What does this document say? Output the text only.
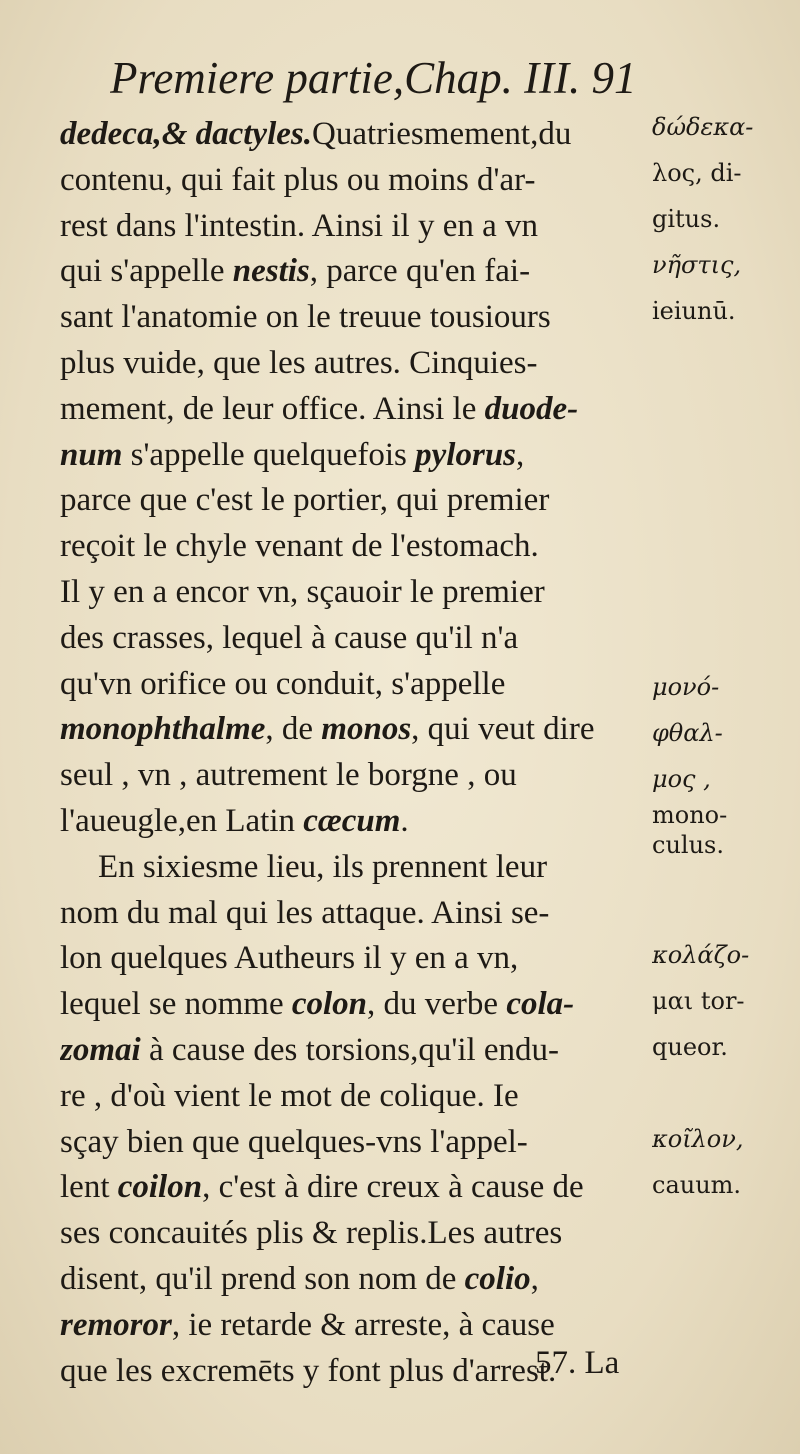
Premiere partie,Chap. III. 91
dedeca,& dactyles.Quatriesmement,du
contenu, qui fait plus ou moins d'ar-
rest dans l'intestin. Ainsi il y en a vn
qui s'appelle nestis, parce qu'en fai-
sant l'anatomie on le treuue tousiours
plus vuide, que les autres. Cinquies-
mement, de leur office. Ainsi le duode-
num s'appelle quelquefois pylorus,
parce que c'est le portier, qui premier
reçoit le chyle venant de l'estomach.
Il y en a encor vn, sçauoir le premier
des crasses, lequel à cause qu'il n'a
qu'vn orifice ou conduit, s'appelle
monophthalme, de monos, qui veut dire
seul , vn , autrement le borgne , ou
l'aueugle,en Latin cæcum.
En sixiesme lieu, ils prennent leur
nom du mal qui les attaque. Ainsi se-
lon quelques Autheurs il y en a vn,
lequel se nomme colon, du verbe cola-
zomai à cause des torsions,qu'il endu-
re , d'où vient le mot de colique. Ie
sçay bien que quelques-vns l'appel-
lent coilon, c'est à dire creux à cause de
ses concauités plis & replis.Les autres
disent, qu'il prend son nom de colio,
remoror, ie retarde & arreste, à cause
que les excremēts y font plus d'arrest.
δώδεκα-
λος, di-
gitus.
νῆστις,
ieiunū.
μονό-
φθαλ-
μος ,
mono-
culus.
κολάζο-
μαι tor-
queor.
κοῖλον,
cauum.
57. La
